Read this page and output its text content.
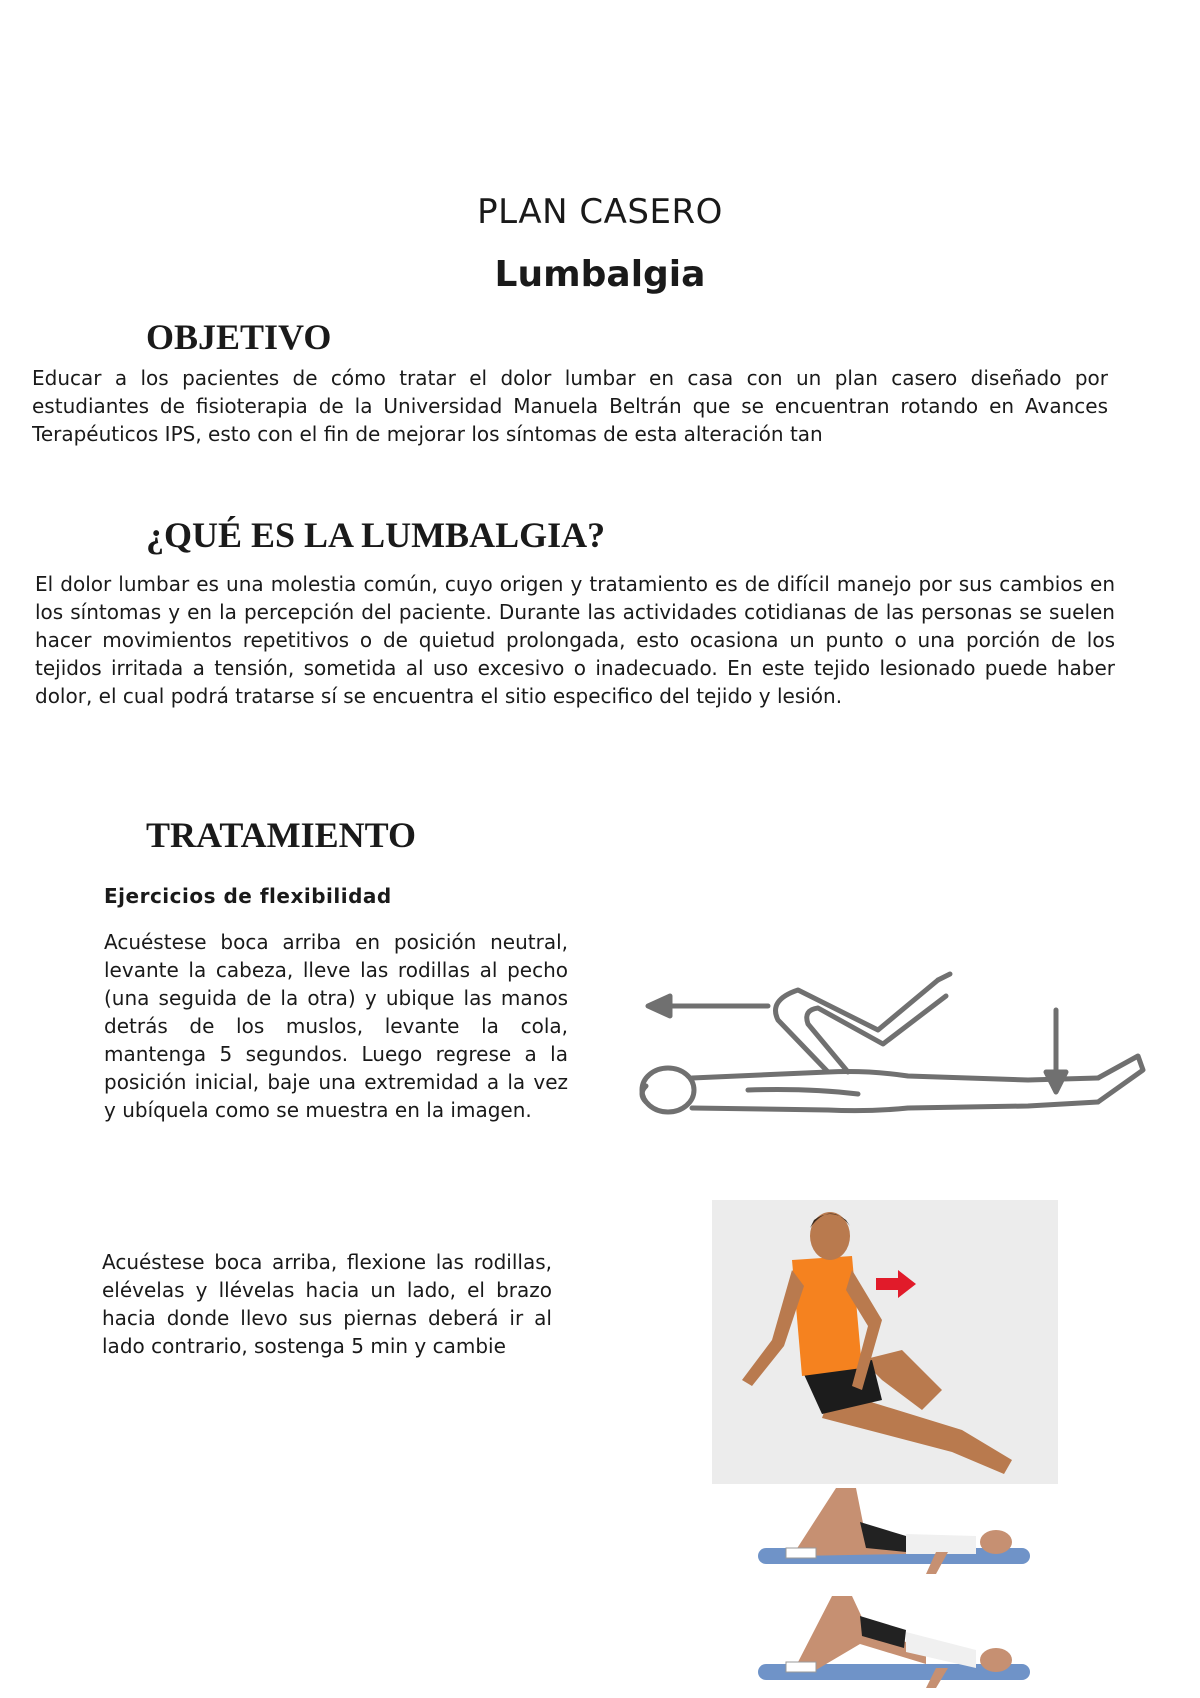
PLAN CASERO
Lumbalgia
OBJETIVO
Educar a los pacientes de cómo tratar el dolor lumbar en casa con un plan casero diseñado por estudiantes de fisioterapia de la Universidad Manuela Beltrán que se encuentran rotando en Avances Terapéuticos IPS, esto con el fin de mejorar los síntomas de esta alteración tan
¿QUÉ ES LA LUMBALGIA?
El dolor lumbar es una molestia común, cuyo origen y tratamiento es de difícil manejo por sus cambios en los síntomas y en la percepción del paciente. Durante las actividades cotidianas de las personas se suelen hacer movimientos repetitivos o de quietud prolongada, esto ocasiona un punto o una porción de los tejidos irritada a tensión, sometida al uso excesivo o inadecuado. En este tejido lesionado puede haber dolor, el cual podrá tratarse sí se encuentra el sitio especifico del tejido y lesión.
TRATAMIENTO
Ejercicios de flexibilidad
Acuéstese boca arriba en posición neutral, levante la cabeza, lleve las rodillas al pecho (una seguida de la otra) y ubique las manos detrás de los muslos, levante la cola, mantenga 5 segundos. Luego regrese a la posición inicial, baje una extremidad a la vez y ubíquela como se muestra en la imagen.
Acuéstese boca arriba, flexione las rodillas, elévelas y llévelas hacia un lado, el brazo hacia donde llevo sus piernas deberá ir al lado contrario, sostenga 5 min y cambie
